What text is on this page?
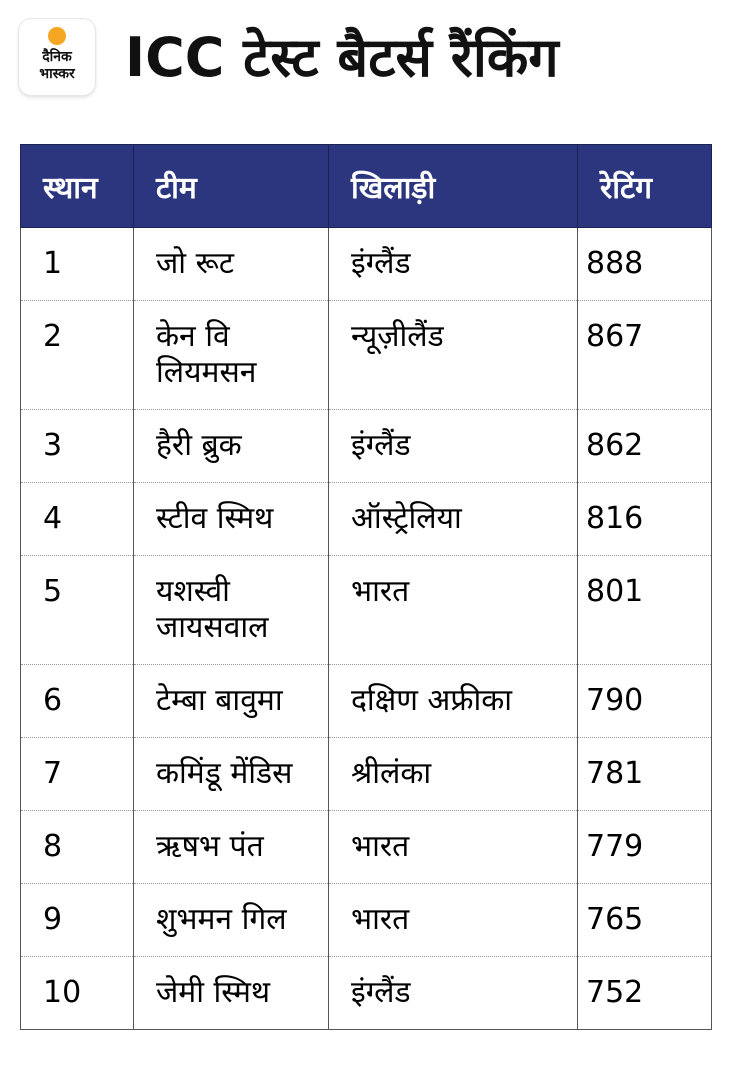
दैनिक
भास्कर ICC टेस्ट बैटर्स रैंकिंग
स्थान	टीम	खिलाड़ी	रेटिंग
1	जो रूट	इंग्लैंड	888
2	केन वि लियमसन	न्यूज़ीलैंड	867
3	हैरी ब्रुक	इंग्लैंड	862
4	स्टीव स्मिथ	ऑस्ट्रेलिया	816
5	यशस्वी जायसवाल	भारत	801
6	टेम्बा बावुमा	दक्षिण अफ्रीका	790
7	कमिंडू मेंडिस	श्रीलंका	781
8	ऋषभ पंत	भारत	779
9	शुभमन गिल	भारत	765
10	जेमी स्मिथ	इंग्लैंड	752
